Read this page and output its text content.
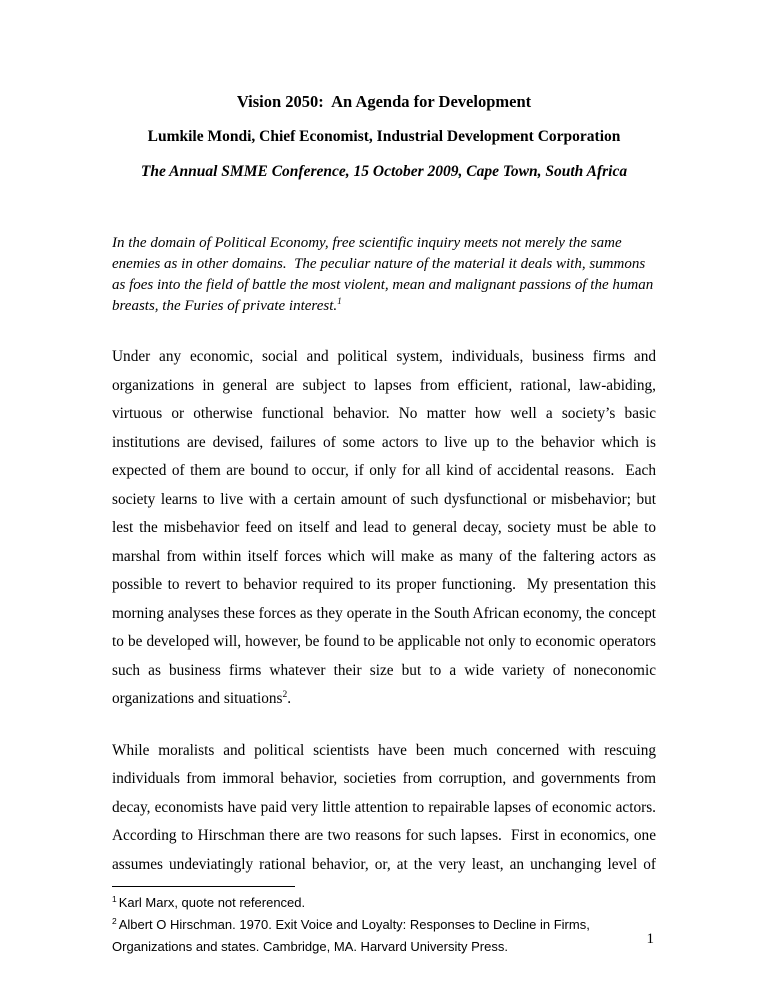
Vision 2050:  An Agenda for Development

Lumkile Mondi, Chief Economist, Industrial Development Corporation

The Annual SMME Conference, 15 October 2009, Cape Town, South Africa

In the domain of Political Economy, free scientific inquiry meets not merely the same enemies as in other domains.  The peculiar nature of the material it deals with, summons as foes into the field of battle the most violent, mean and malignant passions of the human breasts, the Furies of private interest.$^1$

Under any economic, social and political system, individuals, business firms and organizations in general are subject to lapses from efficient, rational, law-abiding, virtuous or otherwise functional behavior. No matter how well a society’s basic institutions are devised, failures of some actors to live up to the behavior which is expected of them are bound to occur, if only for all kind of accidental reasons.  Each society learns to live with a certain amount of such dysfunctional or misbehavior; but lest the misbehavior feed on itself and lead to general decay, society must be able to marshal from within itself forces which will make as many of the faltering actors as possible to revert to behavior required to its proper functioning.  My presentation this morning analyses these forces as they operate in the South African economy, the concept to be developed will, however, be found to be applicable not only to economic operators such as business firms whatever their size but to a wide variety of noneconomic organizations and situations$^2$.

While moralists and political scientists have been much concerned with rescuing individuals from immoral behavior, societies from corruption, and governments from decay, economists have paid very little attention to repairable lapses of economic actors. According to Hirschman there are two reasons for such lapses.  First in economics, one assumes undeviatingly rational behavior, or, at the very least, an unchanging level of

$^1$ Karl Marx, quote not referenced.

$^2$ Albert O Hirschman. 1970. Exit Voice and Loyalty: Responses to Decline in Firms, Organizations and states. Cambridge, MA. Harvard University Press.	1
